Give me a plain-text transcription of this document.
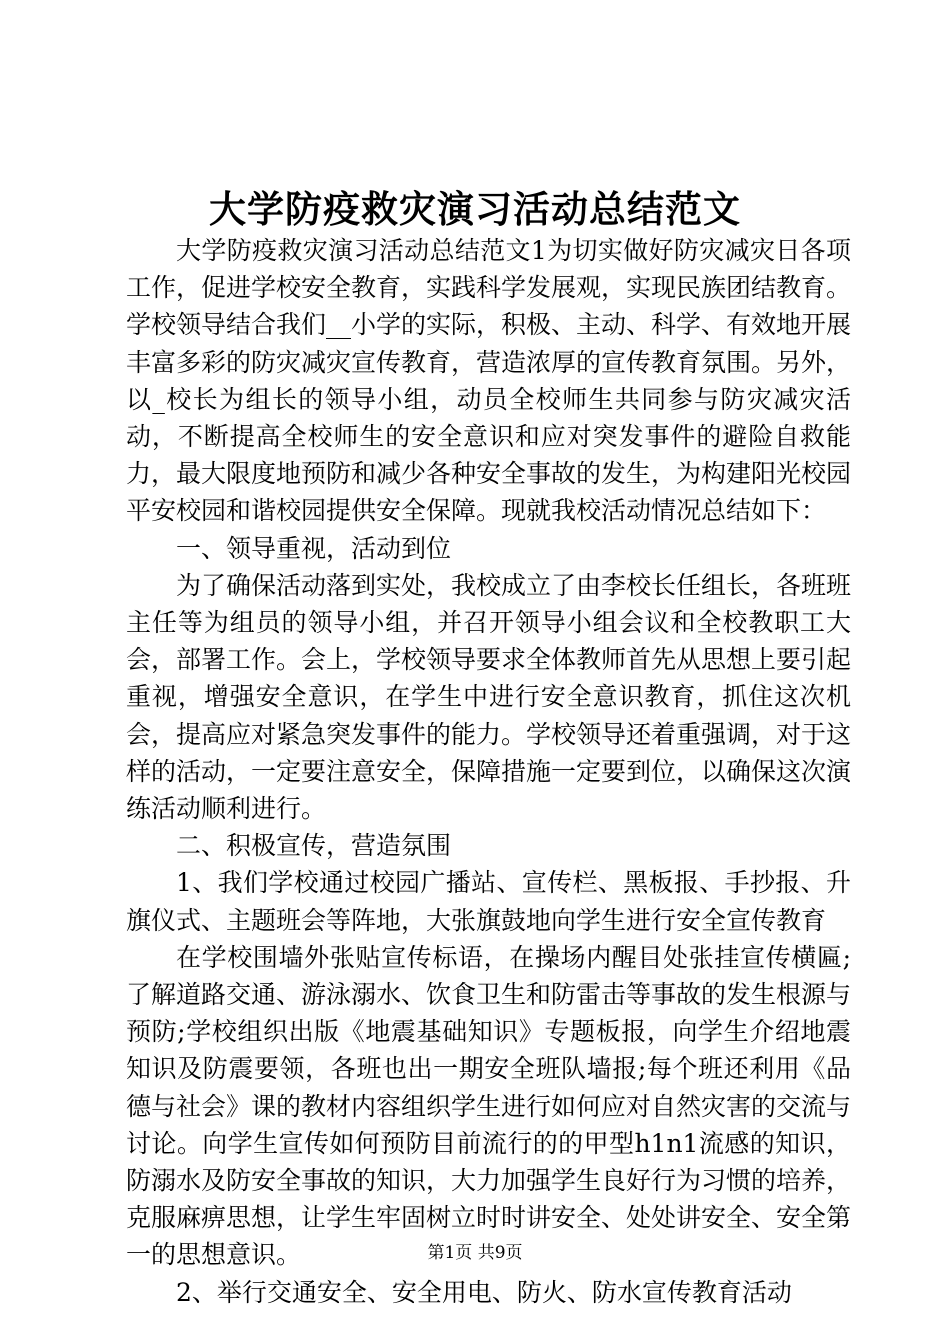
大学防疫救灾演习活动总结范文

大学防疫救灾演习活动总结范文1为切实做好防灾减灾日各项工作，促进学校安全教育，实践科学发展观，实现民族团结教育。学校领导结合我们__小学的实际，积极、主动、科学、有效地开展丰富多彩的防灾减灾宣传教育，营造浓厚的宣传教育氛围。另外，以_校长为组长的领导小组，动员全校师生共同参与防灾减灾活动，不断提高全校师生的安全意识和应对突发事件的避险自救能力，最大限度地预防和减少各种安全事故的发生，为构建阳光校园平安校园和谐校园提供安全保障。现就我校活动情况总结如下：

一、领导重视，活动到位

为了确保活动落到实处，我校成立了由李校长任组长，各班班主任等为组员的领导小组，并召开领导小组会议和全校教职工大会，部署工作。会上，学校领导要求全体教师首先从思想上要引起重视，增强安全意识，在学生中进行安全意识教育，抓住这次机会，提高应对紧急突发事件的能力。学校领导还着重强调，对于这样的活动，一定要注意安全，保障措施一定要到位，以确保这次演练活动顺利进行。

二、积极宣传，营造氛围

1、我们学校通过校园广播站、宣传栏、黑板报、手抄报、升旗仪式、主题班会等阵地，大张旗鼓地向学生进行安全宣传教育

在学校围墙外张贴宣传标语，在操场内醒目处张挂宣传横匾;了解道路交通、游泳溺水、饮食卫生和防雷击等事故的发生根源与预防;学校组织出版《地震基础知识》专题板报，向学生介绍地震知识及防震要领，各班也出一期安全班队墙报;每个班还利用《品德与社会》课的教材内容组织学生进行如何应对自然灾害的交流与讨论。向学生宣传如何预防目前流行的的甲型h1n1流感的知识，防溺水及防安全事故的知识，大力加强学生良好行为习惯的培养，克服麻痹思想，让学生牢固树立时时讲安全、处处讲安全、安全第一的思想意识。

2、举行交通安全、安全用电、防火、防水宣传教育活动

第1页 共9页
